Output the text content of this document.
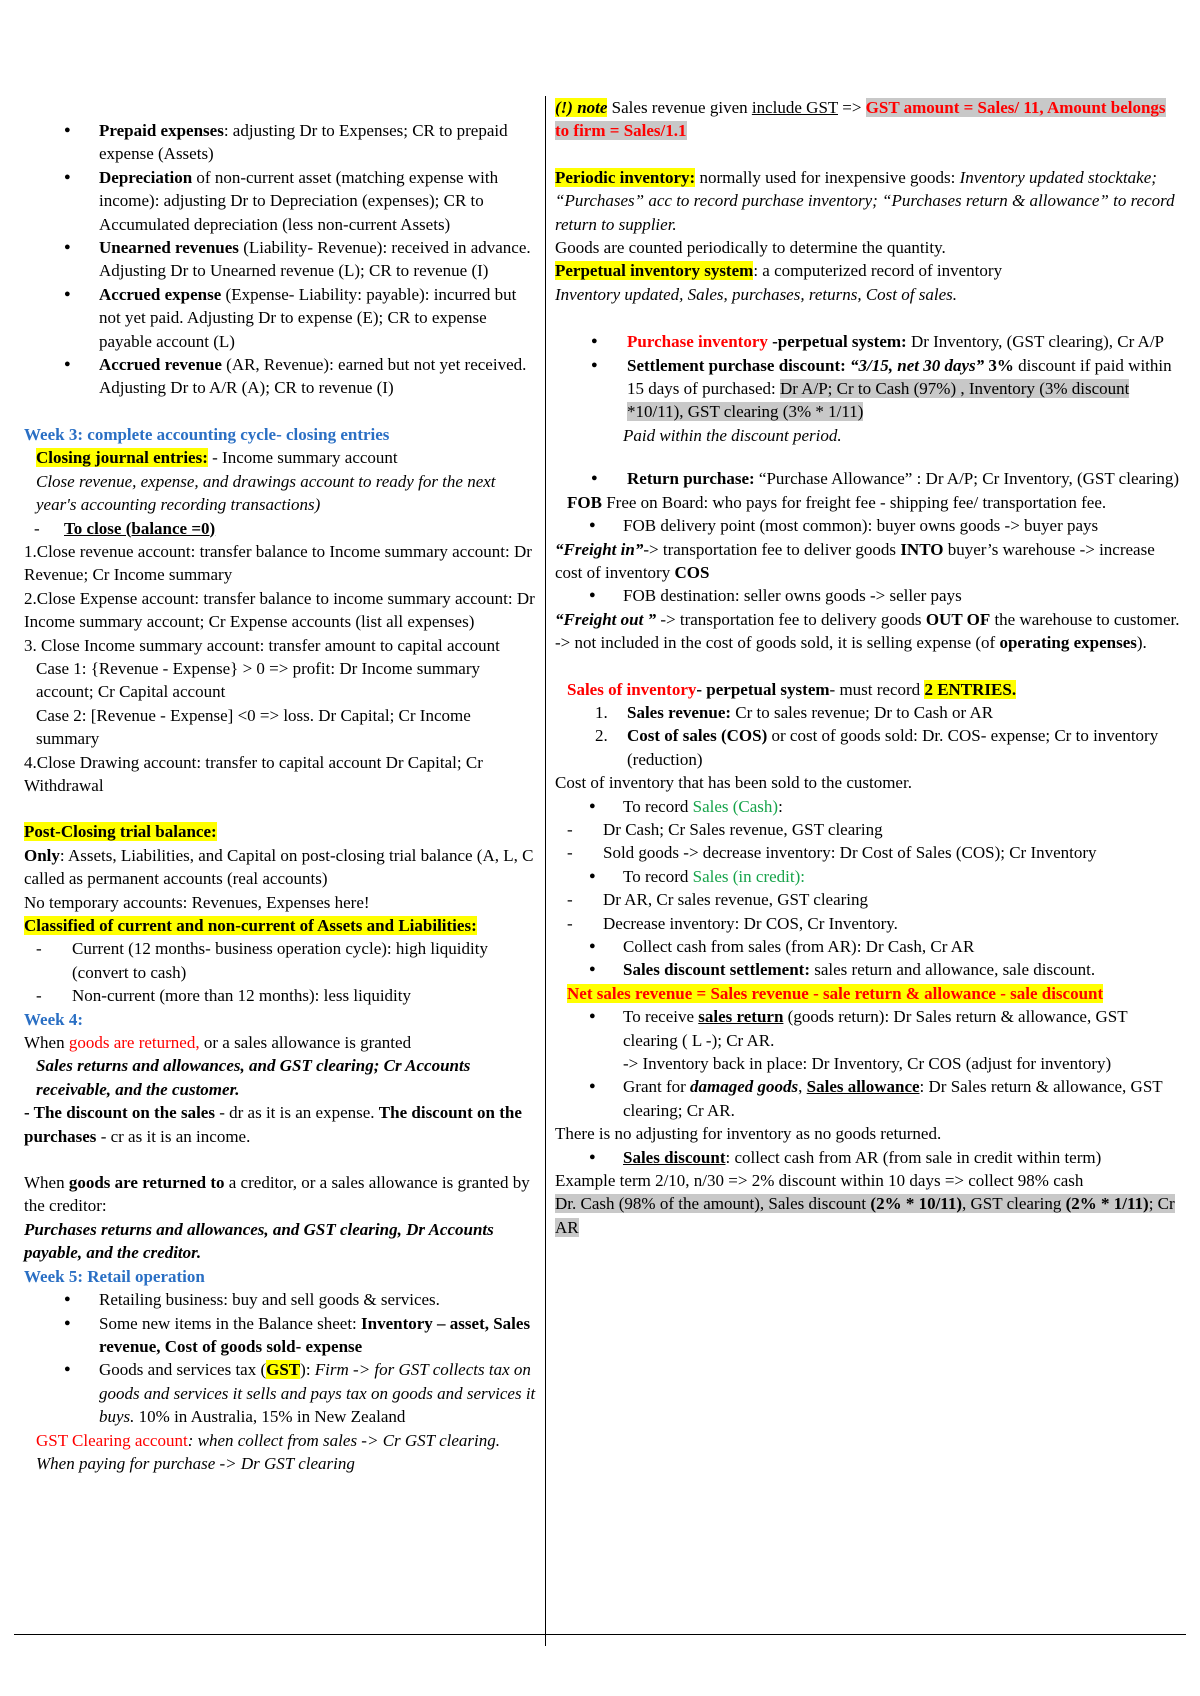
● Prepaid expenses: adjusting Dr to Expenses; CR to prepaid expense (Assets)
● Depreciation of non-current asset (matching expense with income): adjusting Dr to Depreciation (expenses); CR to Accumulated depreciation (less non-current Assets)
● Unearned revenues (Liability- Revenue): received in advance. Adjusting Dr to Unearned revenue (L); CR to revenue (I)
● Accrued expense (Expense- Liability: payable): incurred but not yet paid. Adjusting Dr to expense (E); CR to expense payable account (L)
● Accrued revenue (AR, Revenue): earned but not yet received. Adjusting Dr to A/R (A); CR to revenue (I)

Week 3: complete accounting cycle- closing entries

Closing journal entries: - Income summary account

Close revenue, expense, and drawings account to ready for the next year's accounting recording transactions)

- To close (balance =0)

1.Close revenue account: transfer balance to Income summary account: Dr Revenue; Cr Income summary

2.Close Expense account: transfer balance to income summary account: Dr Income summary account; Cr Expense accounts (list all expenses)

3. Close Income summary account: transfer amount to capital account

Case 1: {Revenue - Expense} > 0 => profit: Dr Income summary account; Cr Capital account

Case 2: [Revenue - Expense] <0 => loss. Dr Capital; Cr Income summary

4.Close Drawing account: transfer to capital account Dr Capital; Cr Withdrawal

Post-Closing trial balance:

Only: Assets, Liabilities, and Capital on post-closing trial balance (A, L, C called as permanent accounts (real accounts)

No temporary accounts: Revenues, Expenses here!

Classified of current and non-current of Assets and Liabilities:

- Current (12 months- business operation cycle): high liquidity (convert to cash)
- Non-current (more than 12 months): less liquidity

Week 4:

When goods are returned, or a sales allowance is granted

Sales returns and allowances, and GST clearing; Cr Accounts receivable, and the customer.

- The discount on the sales - dr as it is an expense. The discount on the purchases - cr as it is an income.

When goods are returned to a creditor, or a sales allowance is granted by the creditor:

Purchases returns and allowances, and GST clearing, Dr Accounts payable, and the creditor.

Week 5: Retail operation

● Retailing business: buy and sell goods & services.
● Some new items in the Balance sheet: Inventory – asset, Sales revenue, Cost of goods sold- expense
● Goods and services tax (GST): Firm -> for GST collects tax on goods and services it sells and pays tax on goods and services it buys. 10% in Australia, 15% in New Zealand

GST Clearing account: when collect from sales -> Cr GST clearing. When paying for purchase -> Dr GST clearing

(!) note Sales revenue given include GST => GST amount = Sales/ 11, Amount belongs to firm = Sales/1.1

Periodic inventory: normally used for inexpensive goods: Inventory updated stocktake; “Purchases” acc to record purchase inventory; “Purchases return & allowance” to record return to supplier.

Goods are counted periodically to determine the quantity.

Perpetual inventory system: a computerized record of inventory

Inventory updated, Sales, purchases, returns, Cost of sales.

● Purchase inventory -perpetual system: Dr Inventory, (GST clearing), Cr A/P
● Settlement purchase discount: “3/15, net 30 days” 3% discount if paid within 15 days of purchased: Dr A/P; Cr to Cash (97%) , Inventory (3% discount *10/11), GST clearing (3% * 1/11)

Paid within the discount period.

● Return purchase: “Purchase Allowance” : Dr A/P; Cr Inventory, (GST clearing)

FOB Free on Board: who pays for freight fee - shipping fee/ transportation fee.

● FOB delivery point (most common): buyer owns goods -> buyer pays

“Freight in”-> transportation fee to deliver goods INTO buyer’s warehouse -> increase cost of inventory COS

● FOB destination: seller owns goods -> seller pays

“Freight out ” -> transportation fee to delivery goods OUT OF the warehouse to customer.

-> not included in the cost of goods sold, it is selling expense (of operating expenses).

Sales of inventory- perpetual system- must record 2 ENTRIES.

1. Sales revenue: Cr to sales revenue; Dr to Cash or AR
2. Cost of sales (COS) or cost of goods sold: Dr. COS- expense; Cr to inventory (reduction)

Cost of inventory that has been sold to the customer.

● To record Sales (Cash):
- Dr Cash; Cr Sales revenue, GST clearing
- Sold goods -> decrease inventory: Dr Cost of Sales (COS); Cr Inventory
● To record Sales (in credit):
- Dr AR, Cr sales revenue, GST clearing
- Decrease inventory: Dr COS, Cr Inventory.
● Collect cash from sales (from AR): Dr Cash, Cr AR
● Sales discount settlement: sales return and allowance, sale discount.

Net sales revenue = Sales revenue - sale return & allowance - sale discount

● To receive sales return (goods return): Dr Sales return & allowance, GST clearing ( L -); Cr AR.

-> Inventory back in place: Dr Inventory, Cr COS (adjust for inventory)

● Grant for damaged goods, Sales allowance: Dr Sales return & allowance, GST clearing; Cr AR.

There is no adjusting for inventory as no goods returned.

● Sales discount: collect cash from AR (from sale in credit within term)

Example term 2/10, n/30 => 2% discount within 10 days => collect 98% cash

Dr. Cash (98% of the amount), Sales discount (2% * 10/11), GST clearing (2% * 1/11); Cr AR
